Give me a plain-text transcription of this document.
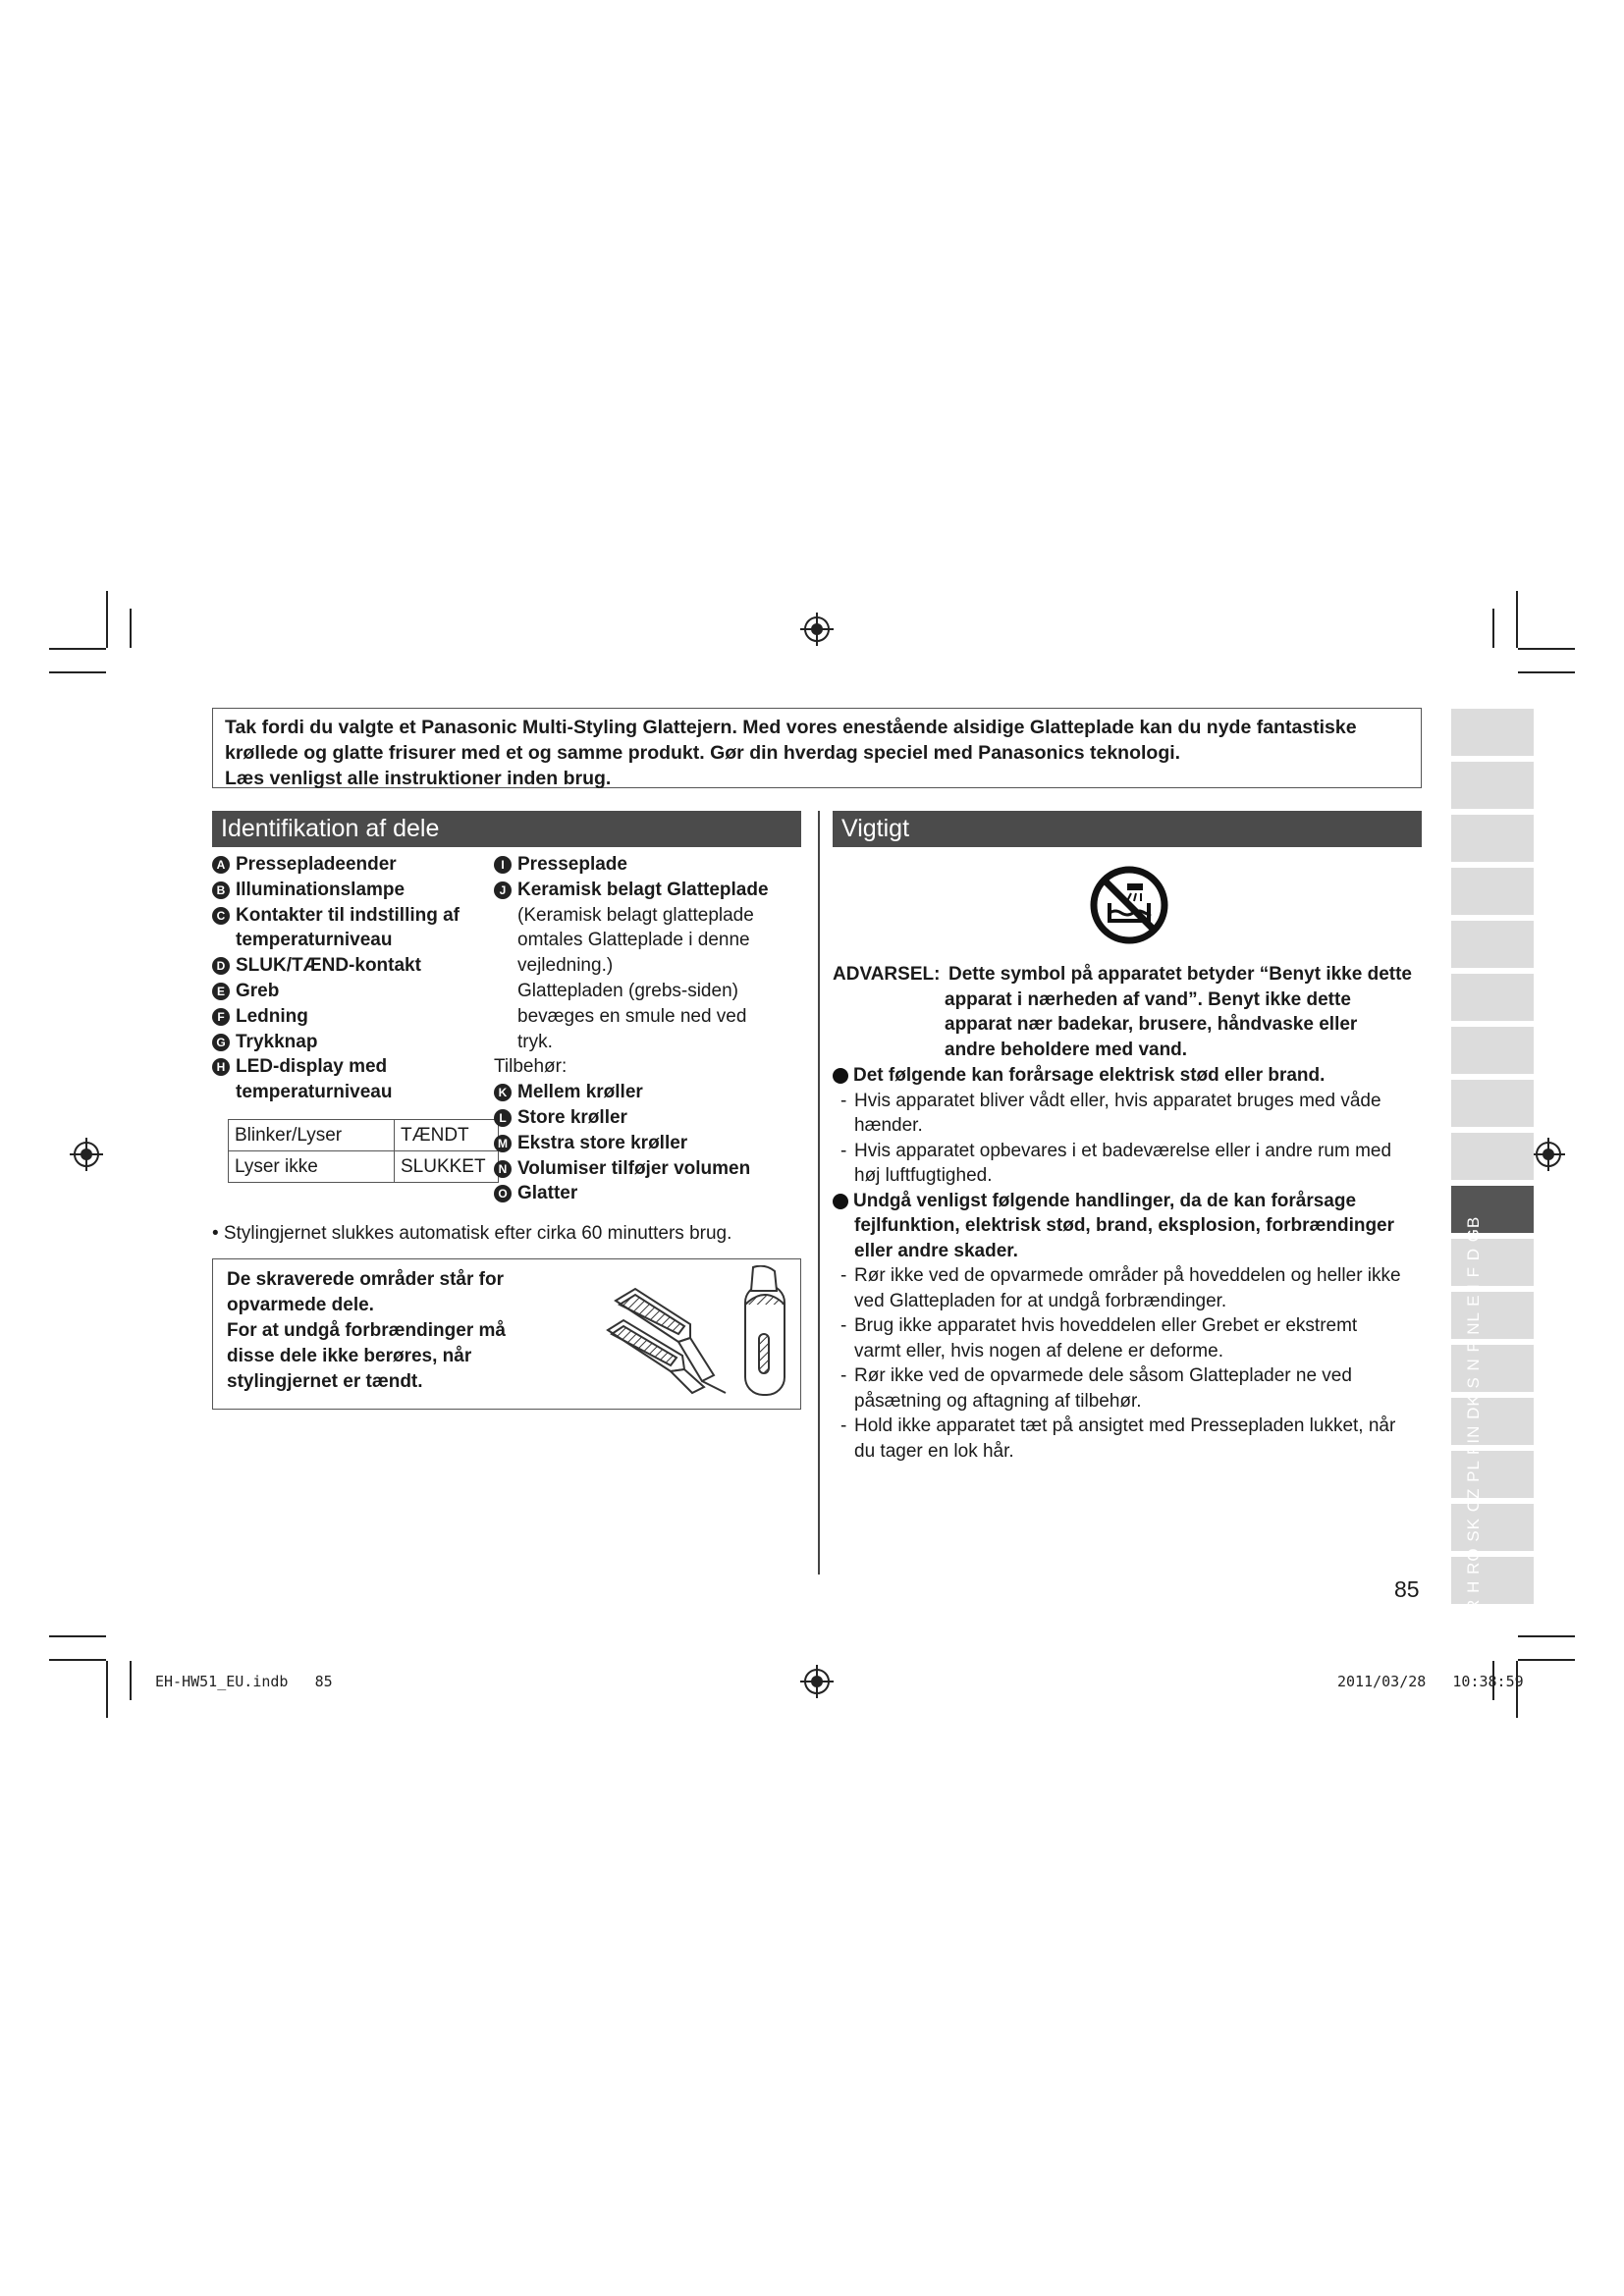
Tak fordi du valgte et Panasonic Multi-Styling Glattejern. Med vores enestående alsidige Glatteplade kan du nyde fantastiske
krøllede og glatte frisurer med et og samme produkt. Gør din hverdag speciel med Panasonics teknologi.
Læs venligst alle instruktioner inden brug.
Identifikation af dele
A Pressepladeender
B Illuminationslampe
C Kontakter til indstilling af
temperaturniveau
D SLUK/TÆND-kontakt
E Greb
F Ledning
G Trykknap
H LED-display med
temperaturniveau
Blinker/Lyser	TÆNDT
Lyser ikke	SLUKKET
I Presseplade
J Keramisk belagt Glatteplade
(Keramisk belagt glatteplade
omtales Glatteplade i denne
vejledning.)
Glattepladen (grebs-siden)
bevæges en smule ned ved
tryk.
Tilbehør:
K Mellem krøller
L Store krøller
M Ekstra store krøller
N Volumiser tilføjer volumen
O Glatter
• Stylingjernet slukkes automatisk efter cirka 60 minutters brug.
De skraverede områder står for
opvarmede dele.
For at undgå forbrændinger må
disse dele ikke berøres, når
stylingjernet er tændt.
Vigtigt
ADVARSEL: Dette symbol på apparatet betyder “Benyt ikke dette
apparat i nærheden af vand”. Benyt ikke dette
apparat nær badekar, brusere, håndvaske eller
andre beholdere med vand.
Det følgende kan forårsage elektrisk stød eller brand.
- Hvis apparatet bliver vådt eller, hvis apparatet bruges med våde
hænder.
- Hvis apparatet opbevares i et badeværelse eller i andre rum med
høj luftfugtighed.
Undgå venligst følgende handlinger, da de kan forårsage
fejlfunktion, elektrisk stød, brand, eksplosion, forbrændinger
eller andre skader.
- Rør ikke ved de opvarmede områder på hoveddelen og heller ikke
ved Glattepladen for at undgå forbrændinger.
- Brug ikke apparatet hvis hoveddelen eller Grebet er ekstremt
varmt eller, hvis nogen af delene er deforme.
- Rør ikke ved de opvarmede dele såsom Glatteplader ne ved
påsætning og aftagning af tilbehør.
- Hold ikke apparatet tæt på ansigtet med Pressepladen lukket, når
du tager en lok hår.
85	TR H RO SK CZ PL FIN DK S N P NL E I F D GB
EH-HW51_EU.indb 85	2011/03/28 10:38:59
